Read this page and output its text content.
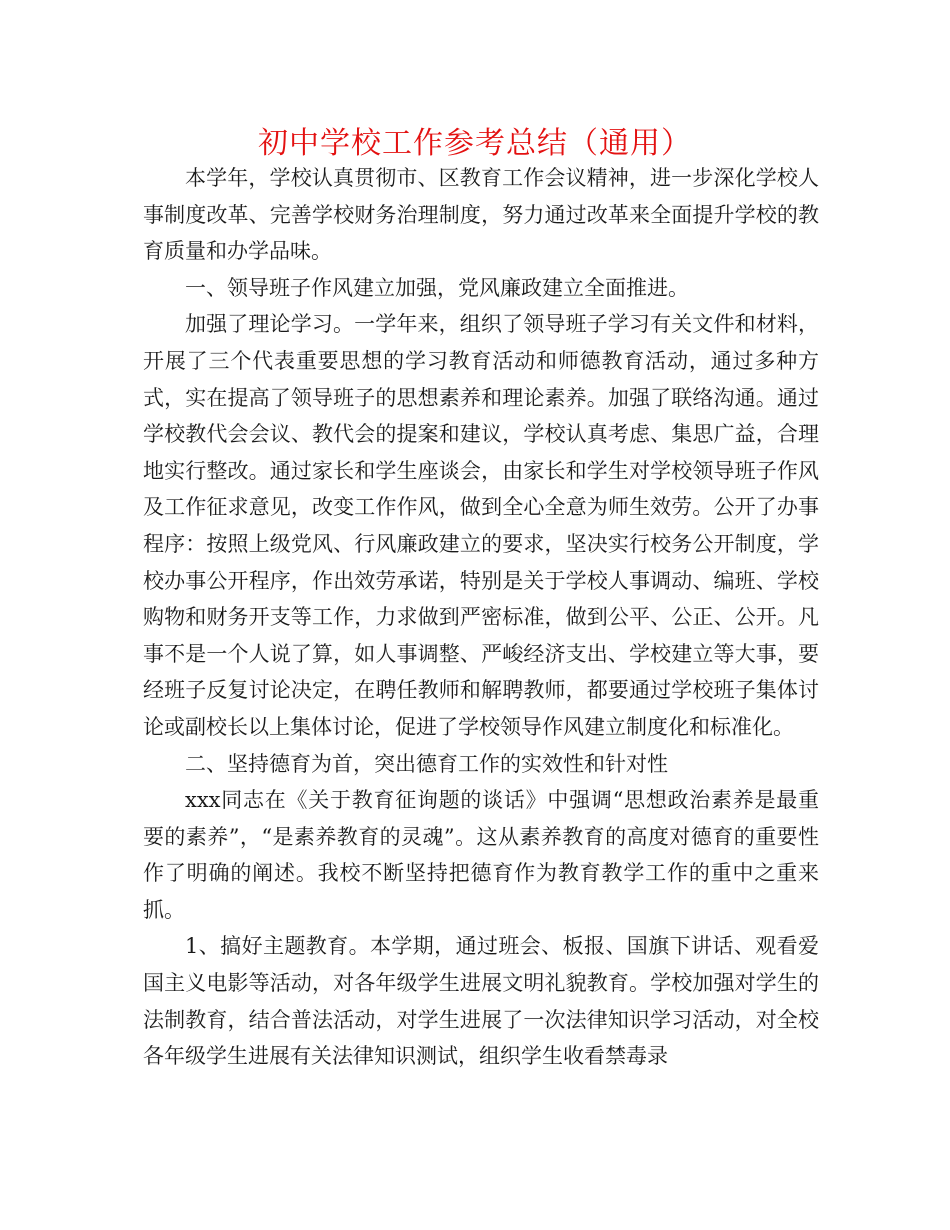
初中学校工作参考总结（通用）

本学年，学校认真贯彻市、区教育工作会议精神，进一步深化学校人事制度改革、完善学校财务治理制度，努力通过改革来全面提升学校的教育质量和办学品味。

一、领导班子作风建立加强，党风廉政建立全面推进。

加强了理论学习。一学年来，组织了领导班子学习有关文件和材料，开展了三个代表重要思想的学习教育活动和师德教育活动，通过多种方式，实在提高了领导班子的思想素养和理论素养。加强了联络沟通。通过学校教代会会议、教代会的提案和建议，学校认真考虑、集思广益，合理地实行整改。通过家长和学生座谈会，由家长和学生对学校领导班子作风及工作征求意见，改变工作作风，做到全心全意为师生效劳。公开了办事程序：按照上级党风、行风廉政建立的要求，坚决实行校务公开制度，学校办事公开程序，作出效劳承诺，特别是关于学校人事调动、编班、学校购物和财务开支等工作，力求做到严密标准，做到公平、公正、公开。凡事不是一个人说了算，如人事调整、严峻经济支出、学校建立等大事，要经班子反复讨论决定，在聘任教师和解聘教师，都要通过学校班子集体讨论或副校长以上集体讨论，促进了学校领导作风建立制度化和标准化。

二、坚持德育为首，突出德育工作的实效性和针对性

xxx同志在《关于教育征询题的谈话》中强调“思想政治素养是最重要的素养”，“是素养教育的灵魂”。这从素养教育的高度对德育的重要性作了明确的阐述。我校不断坚持把德育作为教育教学工作的重中之重来抓。

1、搞好主题教育。本学期，通过班会、板报、国旗下讲话、观看爱国主义电影等活动，对各年级学生进展文明礼貌教育。学校加强对学生的法制教育，结合普法活动，对学生进展了一次法律知识学习活动，对全校各年级学生进展有关法律知识测试，组织学生收看禁毒录
